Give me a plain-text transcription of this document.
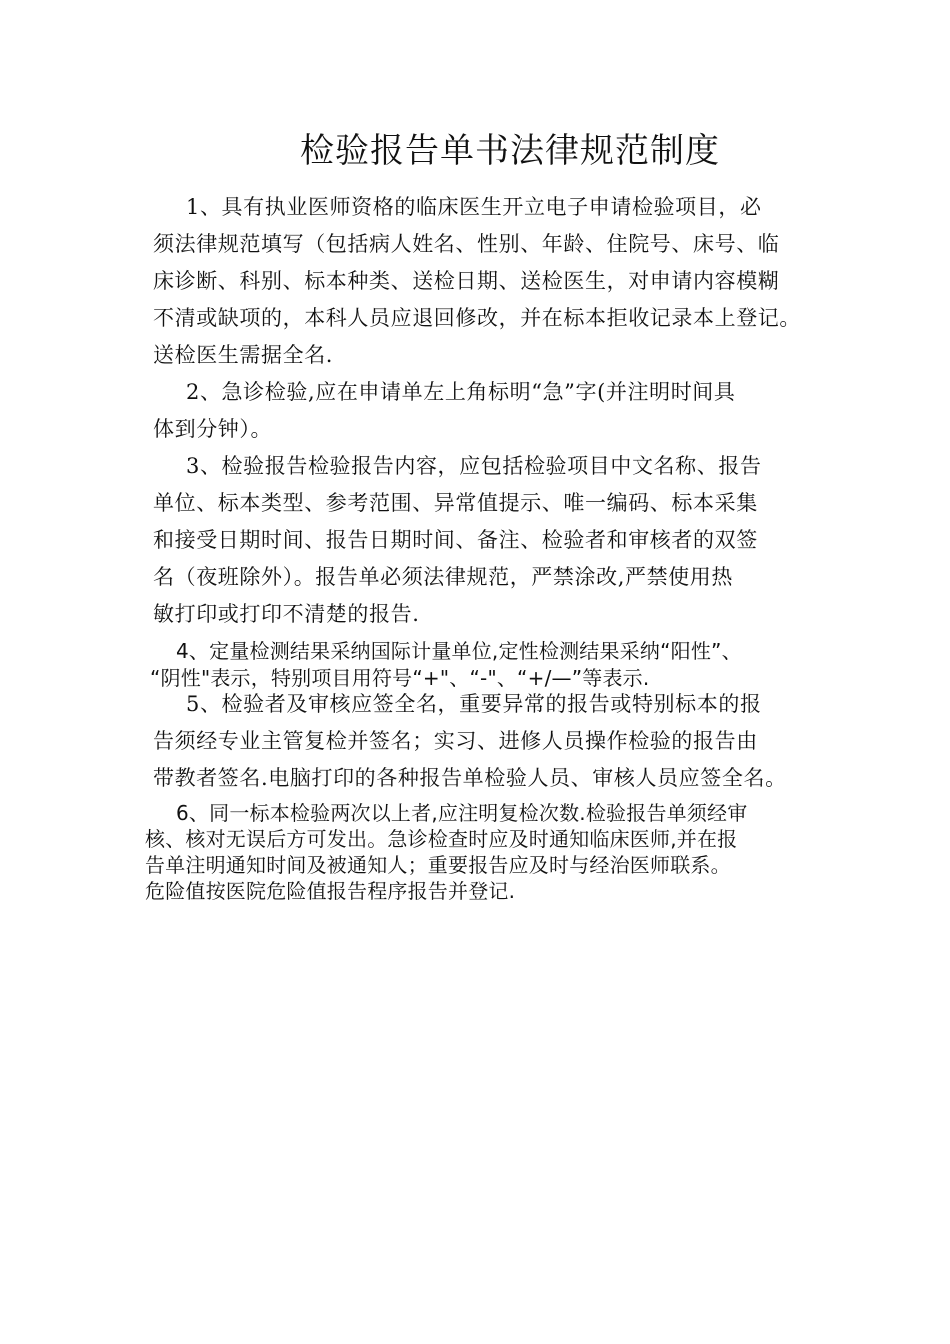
检验报告单书法律规范制度
1、具有执业医师资格的临床医生开立电子申请检验项目，必
须法律规范填写（包括病人姓名、性别、年龄、住院号、床号、临
床诊断、科别、标本种类、送检日期、送检医生，对申请内容模糊
不清或缺项的，本科人员应退回修改，并在标本拒收记录本上登记。
送检医生需据全名.
2、急诊检验,应在申请单左上角标明“急”字(并注明时间具
体到分钟）。
3、检验报告检验报告内容，应包括检验项目中文名称、报告
单位、标本类型、参考范围、异常值提示、唯一编码、标本采集
和接受日期时间、报告日期时间、备注、检验者和审核者的双签
名（夜班除外）。报告单必须法律规范，严禁涂改,严禁使用热
敏打印或打印不清楚的报告.
4、定量检测结果采纳国际计量单位,定性检测结果采纳“阳性”、
“阴性"表示，特别项目用符号“+"、“-"、“+/—”等表示.
5、检验者及审核应签全名，重要异常的报告或特别标本的报
告须经专业主管复检并签名；实习、进修人员操作检验的报告由
带教者签名.电脑打印的各种报告单检验人员、审核人员应签全名。
6、同一标本检验两次以上者,应注明复检次数.检验报告单须经审
核、核对无误后方可发出。急诊检查时应及时通知临床医师,并在报
告单注明通知时间及被通知人；重要报告应及时与经治医师联系。
危险值按医院危险值报告程序报告并登记.
